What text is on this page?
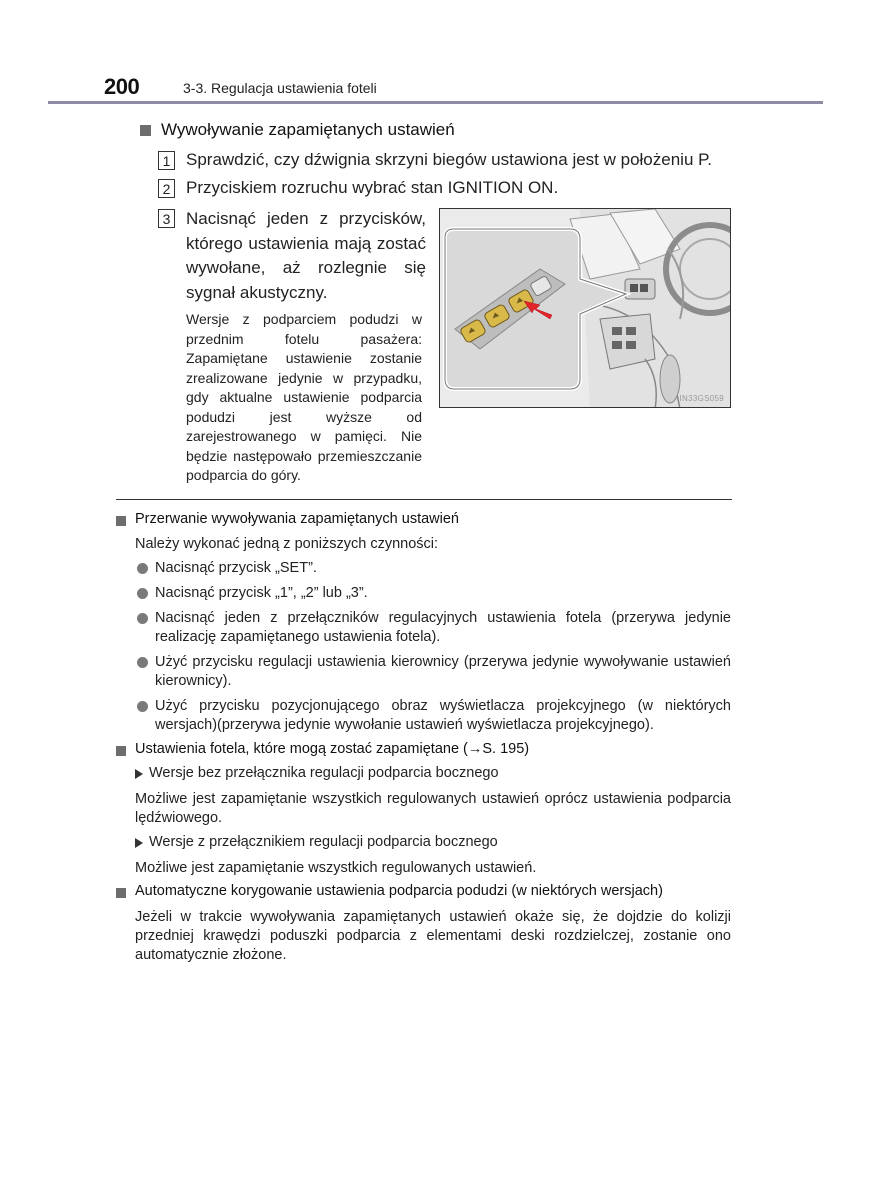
200	3-3. Regulacja ustawienia foteli
Wywoływanie zapamiętanych ustawień
1 Sprawdzić, czy dźwignia skrzyni biegów ustawiona jest w położeniu P.
2 Przyciskiem rozruchu wybrać stan IGNITION ON.
3 Nacisnąć jeden z przycisków, którego ustawienia mają zostać wywołane, aż rozlegnie się sygnał akustyczny.
Wersje z podparciem podudzi w przednim fotelu pasażera: Zapamiętane ustawienie zostanie zrealizowane jedynie w przypadku, gdy aktualne ustawienie podparcia podudzi jest wyższe od zarejestrowanego w pamięci. Nie będzie następowało przemieszczanie podparcia do góry.
IN33GS059
Przerwanie wywoływania zapamiętanych ustawień
Należy wykonać jedną z poniższych czynności:
Nacisnąć przycisk „SET”.
Nacisnąć przycisk „1”, „2” lub „3”.
Nacisnąć jeden z przełączników regulacyjnych ustawienia fotela (przerywa jedynie realizację zapamiętanego ustawienia fotela).
Użyć przycisku regulacji ustawienia kierownicy (przerywa jedynie wywoływanie ustawień kierownicy).
Użyć przycisku pozycjonującego obraz wyświetlacza projekcyjnego (w niektórych wersjach)(przerywa jedynie wywołanie ustawień wyświetlacza projekcyjnego).
Ustawienia fotela, które mogą zostać zapamiętane (→S. 195)
Wersje bez przełącznika regulacji podparcia bocznego
Możliwe jest zapamiętanie wszystkich regulowanych ustawień oprócz ustawienia podparcia lędźwiowego.
Wersje z przełącznikiem regulacji podparcia bocznego
Możliwe jest zapamiętanie wszystkich regulowanych ustawień.
Automatyczne korygowanie ustawienia podparcia podudzi (w niektórych wersjach)
Jeżeli w trakcie wywoływania zapamiętanych ustawień okaże się, że dojdzie do kolizji przedniej krawędzi poduszki podparcia z elementami deski rozdzielczej, zostanie ono automatycznie złożone.
